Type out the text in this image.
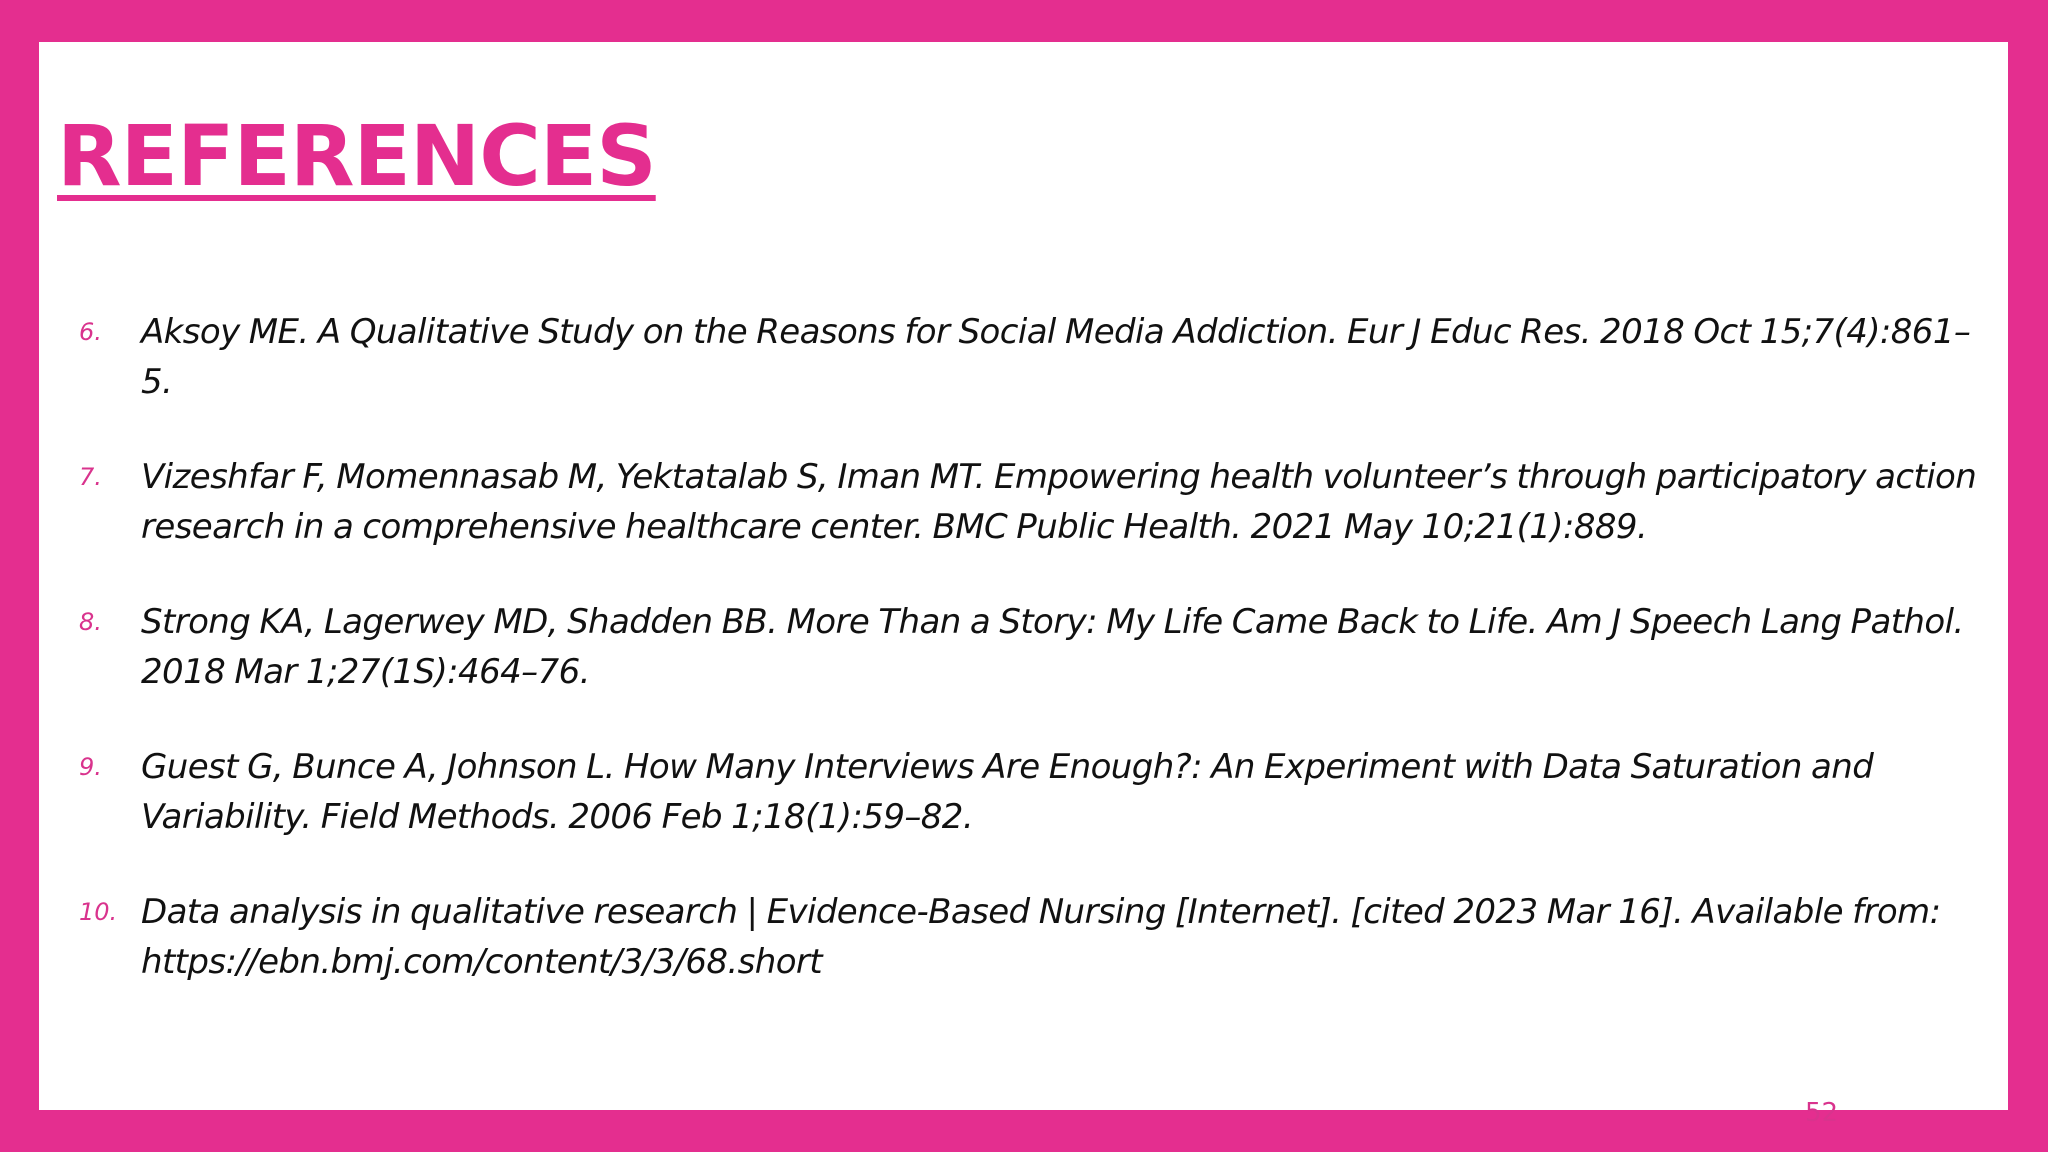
REFERENCES
6.	Aksoy ME. A Qualitative Study on the Reasons for Social Media Addiction. Eur J Educ Res. 2018 Oct 15;7(4):861–5.
7.	Vizeshfar F, Momennasab M, Yektatalab S, Iman MT. Empowering health volunteer’s through participatory action research in a comprehensive healthcare center. BMC Public Health. 2021 May 10;21(1):889.
8.	Strong KA, Lagerwey MD, Shadden BB. More Than a Story: My Life Came Back to Life. Am J Speech Lang Pathol. 2018 Mar 1;27(1S):464–76.
9.	Guest G, Bunce A, Johnson L. How Many Interviews Are Enough?: An Experiment with Data Saturation and Variability. Field Methods. 2006 Feb 1;18(1):59–82.
10. Data analysis in qualitative research | Evidence-Based Nursing [Internet]. [cited 2023 Mar 16]. Available from: https://ebn.bmj.com/content/3/3/68.short
52
